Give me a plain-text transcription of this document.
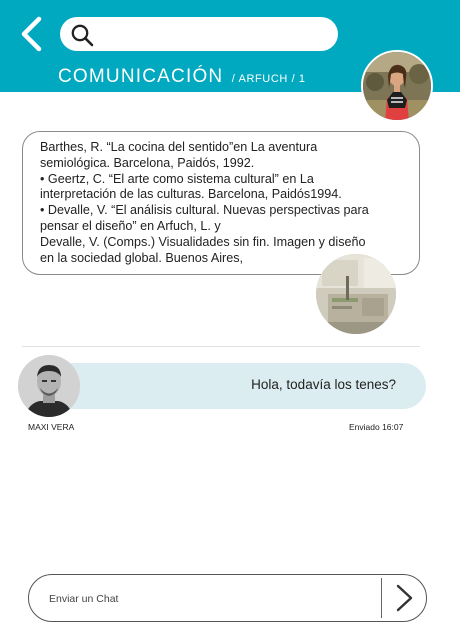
COMUNICACIÓN / ARFUCH / 1
Barthes, R. “La cocina del sentido”en La aventura
semiológica. Barcelona, Paidós, 1992.
• Geertz, C. “El arte como sistema cultural” en La
interpretación de las culturas. Barcelona, Paidós1994.
• Devalle, V. “El análisis cultural. Nuevas perspectivas para
pensar el diseño” en Arfuch, L. y
Devalle, V. (Comps.) Visualidades sin fin. Imagen y diseño
en la sociedad global. Buenos Aires,
Hola, todavía los tenes?
MAXI VERA	Enviado 16:07
Enviar un Chat
